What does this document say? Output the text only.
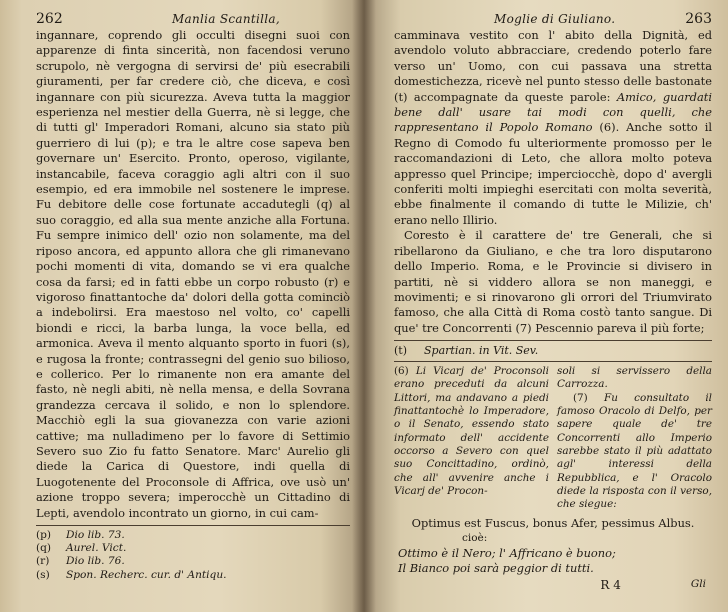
262	Manlia Scantilla,

ingannare, coprendo gli occulti disegni suoi con apparenze di finta sincerità, non facendosi veruno scrupolo, nè vergogna di servirsi de' più esecrabili giuramenti, per far credere ciò, che diceva, e così ingannare con più sicurezza. Aveva tutta la maggior esperienza nel mestier della Guerra, nè si legge, che di tutti gl' Imperadori Romani, alcuno sia stato più guerriero di lui (p); e tra le altre cose sapeva ben governare un' Esercito. Pronto, operoso, vigilante, instancabile, faceva coraggio agli altri con il suo esempio, ed era immobile nel sostenere le imprese. Fu debitore delle cose fortunate accadutegli (q) al suo coraggio, ed alla sua mente anziche alla Fortuna. Fu sempre inimico dell' ozio non solamente, ma del riposo ancora, ed appunto allora che gli rimanevano pochi momenti di vita, domando se vi era qualche cosa da farsi; ed in fatti ebbe un corpo robusto (r) e vigoroso finattantoche da' dolori della gotta cominciò a indebolirsi. Era maestoso nel volto, co' capelli biondi e ricci, la barba lunga, la voce bella, ed armonica. Aveva il mento alquanto sporto in fuori (s), e rugosa la fronte; contrassegni del genio suo bilioso, e collerico. Per lo rimanente non era amante del fasto, nè negli abiti, nè nella mensa, e della Sovrana grandezza cercava il solido, e non lo splendore. Macchiò egli la sua giovanezza con varie azioni cattive; ma nulladimeno per lo favore di Settimio Severo suo Zio fu fatto Senatore. Marc' Aurelio gli diede la Carica di Questore, indi quella di Luogotenente del Proconsole di Affrica, ove usò un' azione troppo severa; imperocchè un Cittadino di Lepti, avendolo incontrato un giorno, in cui cam-

(p)	Dio lib. 73.
(q)	Aurel. Vict.
(r)	Dio lib. 76.
(s)	Spon. Recherc. cur. d' Antiqu.
Moglie di Giuliano.	263

camminava vestito con l' abito della Dignità, ed avendolo voluto abbracciare, credendo poterlo fare verso un' Uomo, con cui passava una stretta domestichezza, ricevè nel punto stesso delle bastonate (t) accompagnate da queste parole: Amico, guardati bene dall' usare tai modi con quelli, che rappresentano il Popolo Romano (6). Anche sotto il Regno di Comodo fu ulteriormente promosso per le raccomandazioni di Leto, che allora molto poteva appresso quel Principe; imperciocchè, dopo d' avergli conferiti molti impieghi esercitati con molta severità, ebbe finalmente il comando di tutte le Milizie, ch' erano nello Illirio.

Coresto è il carattere de' tre Generali, che si ribellarono da Giuliano, e che tra loro disputarono dello Imperio. Roma, e le Provincie si divisero in partiti, nè si viddero allora se non maneggi, e movimenti; e si rinovarono gli orrori del Triumvirato famoso, che alla Città di Roma costò tanto sangue. Di que' tre Concorrenti (7) Pescennio pareva il più forte;

(t)	Spartian. in Vit. Sev.
(6) Li Vicarj de' Proconsoli erano preceduti da alcuni Littori, ma andavano a piedi finattantochè lo Imperadore, o il Senato, essendo stato informato dell' accidente occorso a Severo con quel suo Concittadino, ordinò, che all' avvenire anche i Vicarj de' Procon-
soli si servissero della Carrozza.
(7) Fu consultato il famoso Oracolo di Delfo, per sapere quale de' tre Concorrenti allo Imperio sarebbe stato il più adattato agl' interessi della Repubblica, e l' Oracolo diede la risposta con il verso, che siegue:
Optimus est Fuscus, bonus Afer, pessimus Albus.
cioè:
Ottimo è il Nero; l' Affricano è buono;
Il Bianco poi sarà peggior di tutti.
R 4	Gli
